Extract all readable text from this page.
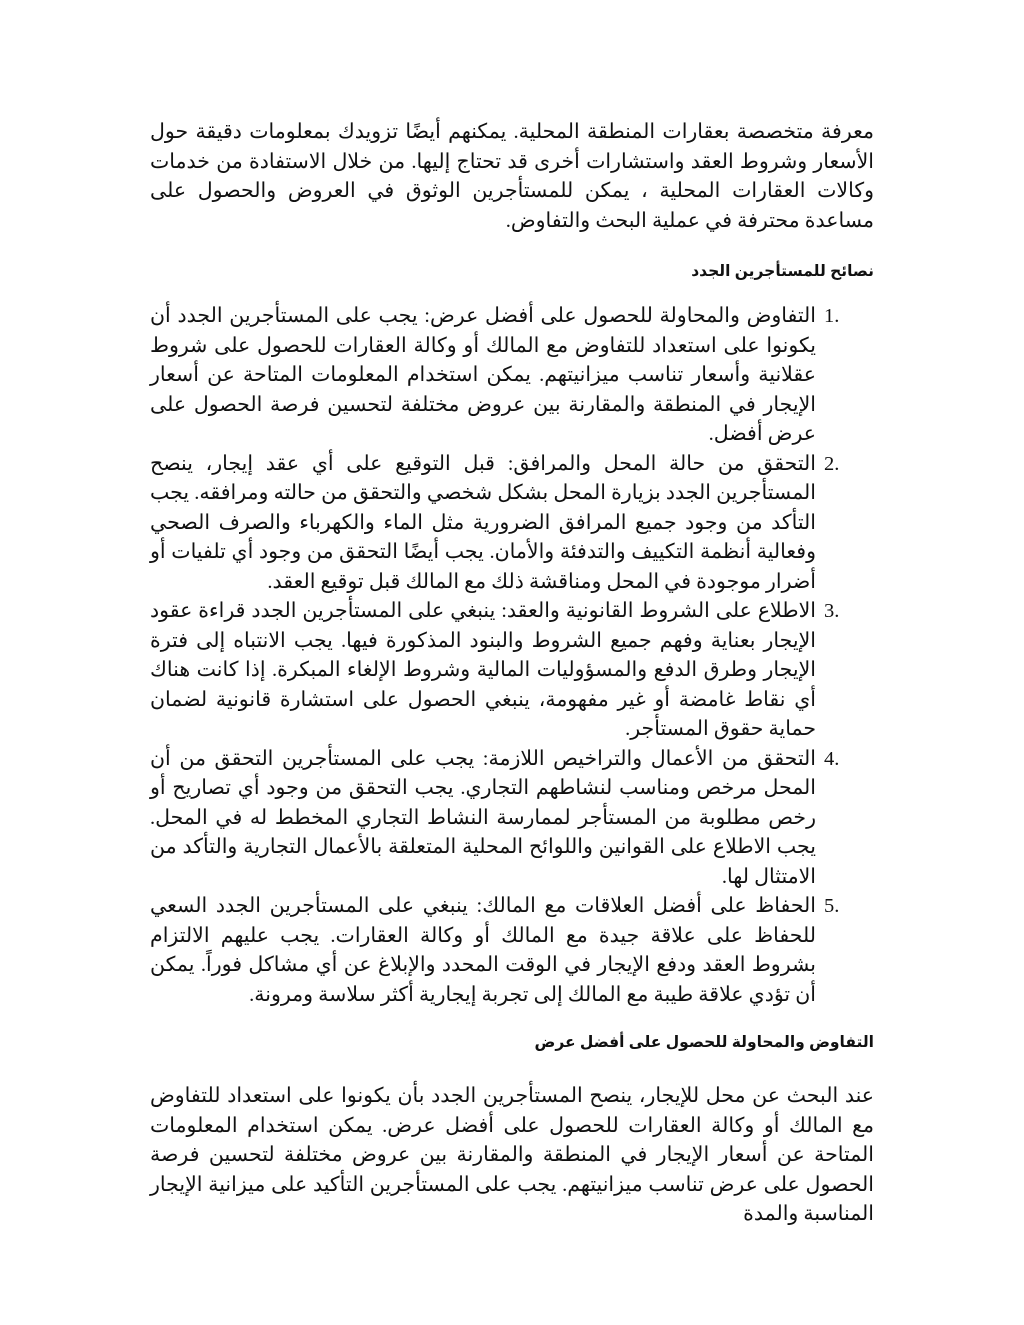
معرفة متخصصة بعقارات المنطقة المحلية. يمكنهم أيضًا تزويدك بمعلومات دقيقة حول الأسعار وشروط العقد واستشارات أخرى قد تحتاج إليها. من خلال الاستفادة من خدمات وكالات العقارات المحلية ، يمكن للمستأجرين الوثوق في العروض والحصول على مساعدة محترفة في عملية البحث والتفاوض.

نصائح للمستأجرين الجدد
1.
التفاوض والمحاولة للحصول على أفضل عرض: يجب على المستأجرين الجدد أن يكونوا على استعداد للتفاوض مع المالك أو وكالة العقارات للحصول على شروط عقلانية وأسعار تناسب ميزانيتهم. يمكن استخدام المعلومات المتاحة عن أسعار الإيجار في المنطقة والمقارنة بين عروض مختلفة لتحسين فرصة الحصول على عرض أفضل.
2.
التحقق من حالة المحل والمرافق: قبل التوقيع على أي عقد إيجار، ينصح المستأجرين الجدد بزيارة المحل بشكل شخصي والتحقق من حالته ومرافقه. يجب التأكد من وجود جميع المرافق الضرورية مثل الماء والكهرباء والصرف الصحي وفعالية أنظمة التكييف والتدفئة والأمان. يجب أيضًا التحقق من وجود أي تلفيات أو أضرار موجودة في المحل ومناقشة ذلك مع المالك قبل توقيع العقد.
3.
الاطلاع على الشروط القانونية والعقد: ينبغي على المستأجرين الجدد قراءة عقود الإيجار بعناية وفهم جميع الشروط والبنود المذكورة فيها. يجب الانتباه إلى فترة الإيجار وطرق الدفع والمسؤوليات المالية وشروط الإلغاء المبكرة. إذا كانت هناك أي نقاط غامضة أو غير مفهومة، ينبغي الحصول على استشارة قانونية لضمان حماية حقوق المستأجر.
4.
التحقق من الأعمال والتراخيص اللازمة: يجب على المستأجرين التحقق من أن المحل مرخص ومناسب لنشاطهم التجاري. يجب التحقق من وجود أي تصاريح أو رخص مطلوبة من المستأجر لممارسة النشاط التجاري المخطط له في المحل. يجب الاطلاع على القوانين واللوائح المحلية المتعلقة بالأعمال التجارية والتأكد من الامتثال لها.
5.
الحفاظ على أفضل العلاقات مع المالك: ينبغي على المستأجرين الجدد السعي للحفاظ على علاقة جيدة مع المالك أو وكالة العقارات. يجب عليهم الالتزام بشروط العقد ودفع الإيجار في الوقت المحدد والإبلاغ عن أي مشاكل فوراً. يمكن أن تؤدي علاقة طيبة مع المالك إلى تجربة إيجارية أكثر سلاسة ومرونة.
التفاوض والمحاولة للحصول على أفضل عرض

عند البحث عن محل للإيجار، ينصح المستأجرين الجدد بأن يكونوا على استعداد للتفاوض مع المالك أو وكالة العقارات للحصول على أفضل عرض. يمكن استخدام المعلومات المتاحة عن أسعار الإيجار في المنطقة والمقارنة بين عروض مختلفة لتحسين فرصة الحصول على عرض تناسب ميزانيتهم. يجب على المستأجرين التأكيد على ميزانية الإيجار المناسبة والمدة
